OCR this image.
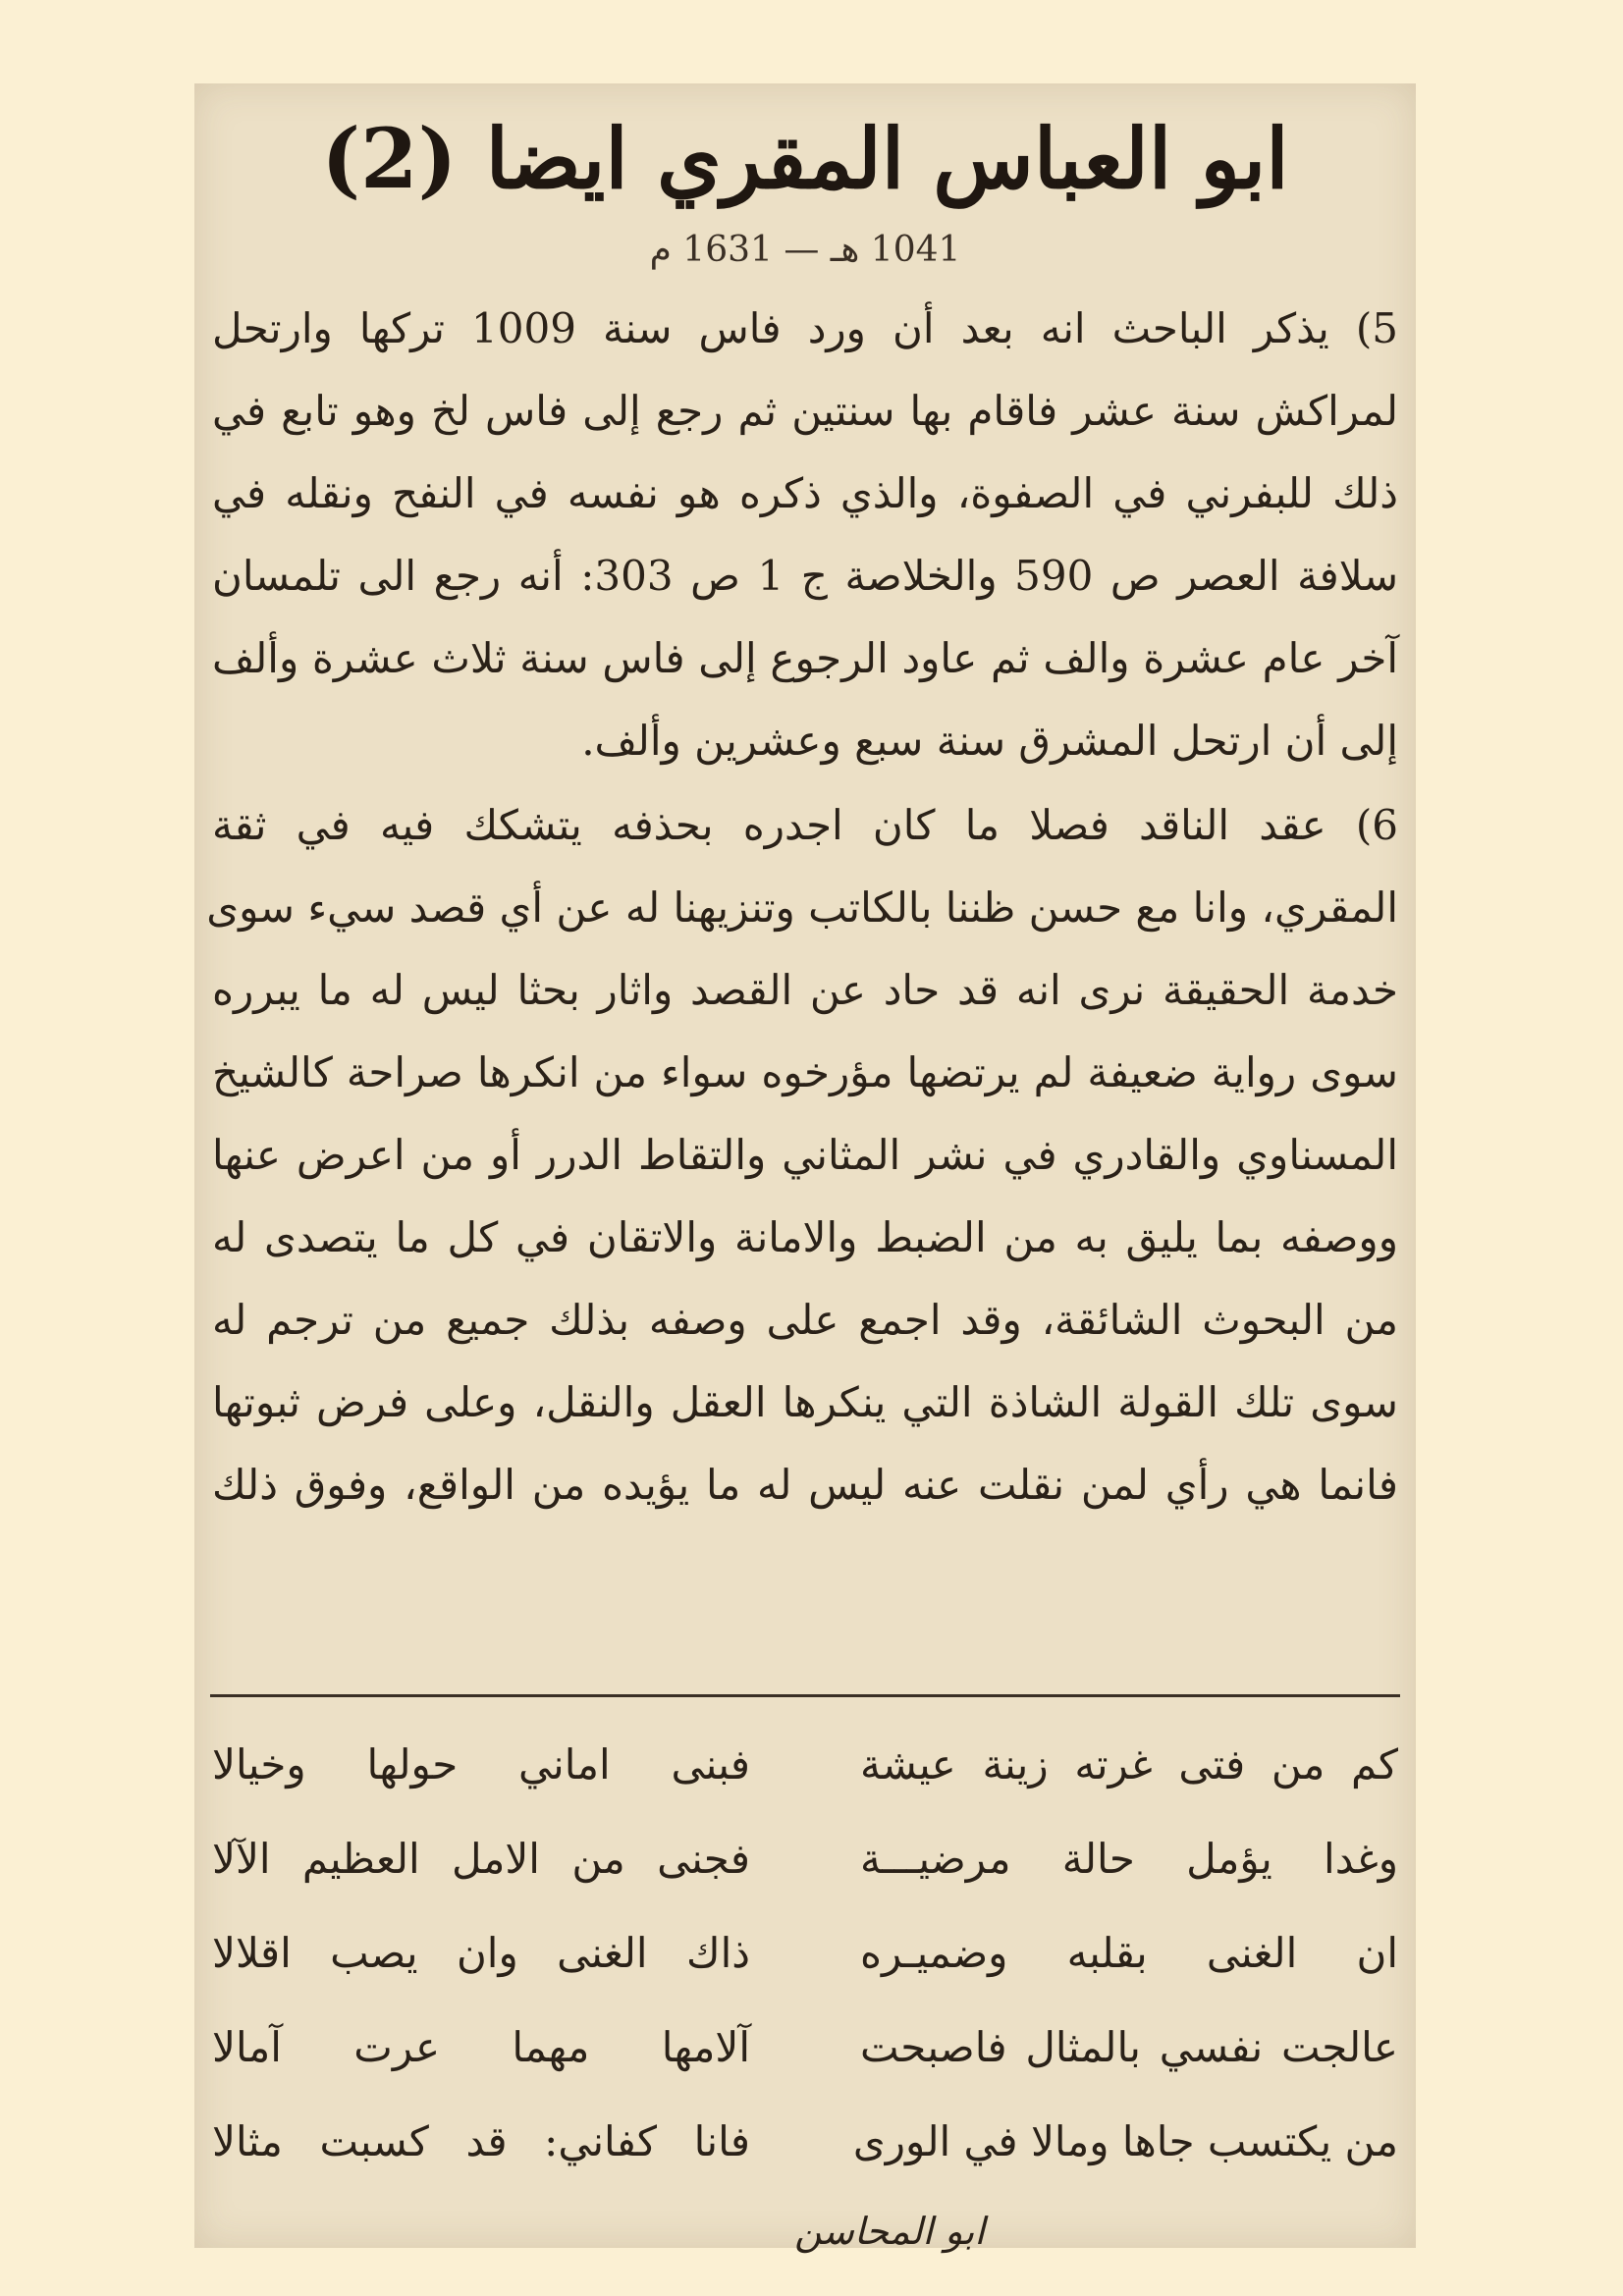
ابو العباس المقري ايضا (2)
1041 هـ — 1631 م
5) يذكر الباحث انه بعد أن ورد فاس سنة 1009 تركها وارتحل
لمراكش سنة عشر فاقام بها سنتين ثم رجع إلى فاس لخ وهو تابع في
ذلك للبفرني في الصفوة، والذي ذكره هو نفسه في النفح ونقله في
سلافة العصر ص 590 والخلاصة ج 1 ص 303: أنه رجع الى تلمسان
آخر عام عشرة والف ثم عاود الرجوع إلى فاس سنة ثلاث عشرة وألف
إلى أن ارتحل المشرق سنة سبع وعشرين وألف.
6) عقد الناقد فصلا ما كان اجدره بحذفه يتشكك فيه في ثقة
المقري، وانا مع حسن ظننا بالكاتب وتنزيهنا له عن أي قصد سيء سوى
خدمة الحقيقة نرى انه قد حاد عن القصد واثار بحثا ليس له ما يبرره
سوى رواية ضعيفة لم يرتضها مؤرخوه سواء من انكرها صراحة كالشيخ
المسناوي والقادري في نشر المثاني والتقاط الدرر أو من اعرض عنها
ووصفه بما يليق به من الضبط والامانة والاتقان في كل ما يتصدى له
من البحوث الشائقة، وقد اجمع على وصفه بذلك جميع من ترجم له
سوى تلك القولة الشاذة التي ينكرها العقل والنقل، وعلى فرض ثبوتها
فانما هي رأي لمن نقلت عنه ليس له ما يؤيده من الواقع، وفوق ذلك
كم من فتى غرته زينة عيشة
فبنى اماني حولها وخيالا
وغدا يؤمل حالة مرضيـــة
فجنى من الامل العظيم الآلا
ان الغنى بقلبه وضميـره
ذاك الغنى وان يصب اقلالا
عالجت نفسي بالمثال فاصبحت
آلامها مهما عرت آمالا
من يكتسب جاها ومالا في الورى
فانا كفاني: قد كسبت مثالا
ابو المحاسن
